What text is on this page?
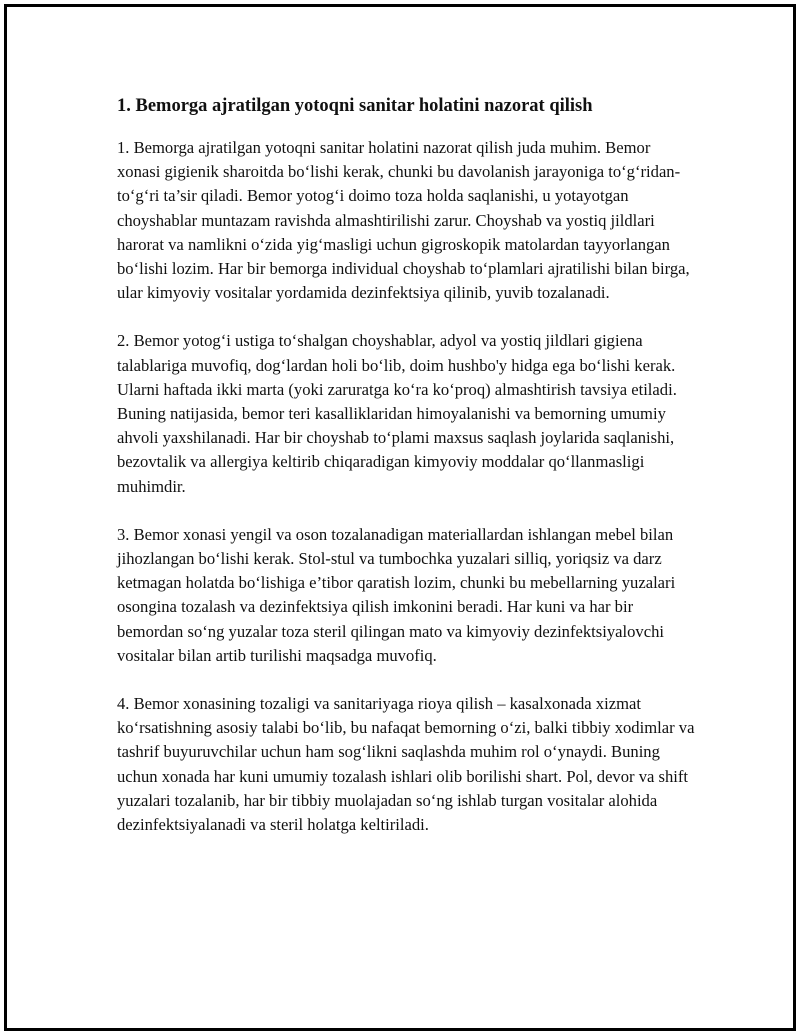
1. Bemorga ajratilgan yotoqni sanitar holatini nazorat qilish

1. Bemorga ajratilgan yotoqni sanitar holatini nazorat qilish juda muhim. Bemor xonasi gigienik sharoitda bo‘lishi kerak, chunki bu davolanish jarayoniga to‘g‘ridan-to‘g‘ri ta’sir qiladi. Bemor yotog‘i doimo toza holda saqlanishi, u yotayotgan choyshablar muntazam ravishda almashtirilishi zarur. Choyshab va yostiq jildlari harorat va namlikni o‘zida yig‘masligi uchun gigroskopik matolardan tayyorlangan bo‘lishi lozim. Har bir bemorga individual choyshab to‘plamlari ajratilishi bilan birga, ular kimyoviy vositalar yordamida dezinfektsiya qilinib, yuvib tozalanadi.

2. Bemor yotog‘i ustiga to‘shalgan choyshablar, adyol va yostiq jildlari gigiena talablariga muvofiq, dog‘lardan holi bo‘lib, doim hushbo'y hidga ega bo‘lishi kerak. Ularni haftada ikki marta (yoki zaruratga ko‘ra ko‘proq) almashtirish tavsiya etiladi. Buning natijasida, bemor teri kasalliklaridan himoyalanishi va bemorning umumiy ahvoli yaxshilanadi. Har bir choyshab to‘plami maxsus saqlash joylarida saqlanishi, bezovtalik va allergiya keltirib chiqaradigan kimyoviy moddalar qo‘llanmasligi muhimdir.

3. Bemor xonasi yengil va oson tozalanadigan materiallardan ishlangan mebel bilan jihozlangan bo‘lishi kerak. Stol-stul va tumbochka yuzalari silliq, yoriqsiz va darz ketmagan holatda bo‘lishiga e’tibor qaratish lozim, chunki bu mebellarning yuzalari osongina tozalash va dezinfektsiya qilish imkonini beradi. Har kuni va har bir bemordan so‘ng yuzalar toza steril qilingan mato va kimyoviy dezinfektsiyalovchi vositalar bilan artib turilishi maqsadga muvofiq.

4. Bemor xonasining tozaligi va sanitariyaga rioya qilish – kasalxonada xizmat ko‘rsatishning asosiy talabi bo‘lib, bu nafaqat bemorning o‘zi, balki tibbiy xodimlar va tashrif buyuruvchilar uchun ham sog‘likni saqlashda muhim rol o‘ynaydi. Buning uchun xonada har kuni umumiy tozalash ishlari olib borilishi shart. Pol, devor va shift yuzalari tozalanib, har bir tibbiy muolajadan so‘ng ishlab turgan vositalar alohida dezinfektsiyalanadi va steril holatga keltiriladi.
